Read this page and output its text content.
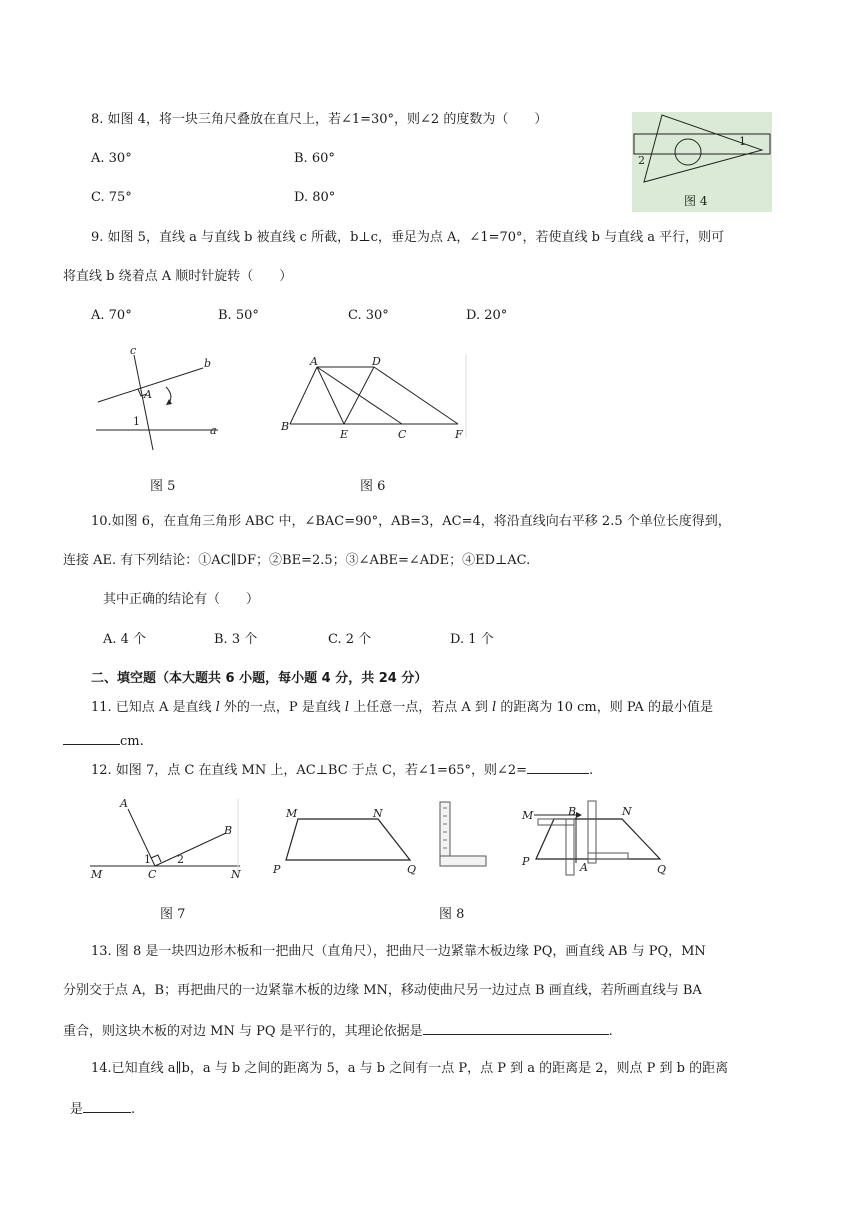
8. 如图 4，将一块三角尺叠放在直尺上，若∠1=30°，则∠2 的度数为（　　）
A. 30°	B. 60°
C. 75°	D. 80°
1
2
图 4
9. 如图 5，直线 a 与直线 b 被直线 c 所截，b⊥c，垂足为点 A，∠1=70°，若使直线 b 与直线 a 平行，则可
将直线 b 绕着点 A 顺时针旋转（　　）
A. 70°	B. 50°	C. 30°	D. 20°
c
b
a
A
1
图 5
A	D
B
E	C	F
图 6
10.如图 6，在直角三角形 ABC 中，∠BAC=90°，AB=3，AC=4，将沿直线向右平移 2.5 个单位长度得到，
连接 AE. 有下列结论：①AC∥DF；②BE=2.5；③∠ABE=∠ADE；④ED⊥AC.
其中正确的结论有（　　）
A. 4 个	B. 3 个	C. 2 个	D. 1 个
二、填空题（本大题共 6 小题，每小题 4 分，共 24 分）
11. 已知点 A 是直线 l 外的一点，P 是直线 l 上任意一点，若点 A 到 l 的距离为 10 cm，则 PA 的最小值是
cm.
12. 如图 7，点 C 在直线 MN 上，AC⊥BC 于点 C，若∠1=65°，则∠2=	.
A
B
C
M	N
1 2
图 7
M	N
P	Q
M	B	N
P	A	Q
图 8
13. 图 8 是一块四边形木板和一把曲尺（直角尺），把曲尺一边紧靠木板边缘 PQ，画直线 AB 与 PQ，MN
分别交于点 A，B；再把曲尺的一边紧靠木板的边缘 MN，移动使曲尺另一边过点 B 画直线，若所画直线与 BA
重合，则这块木板的对边 MN 与 PQ 是平行的，其理论依据是	.
14.已知直线 a∥b，a 与 b 之间的距离为 5，a 与 b 之间有一点 P，点 P 到 a 的距离是 2，则点 P 到 b 的距离
是	.
